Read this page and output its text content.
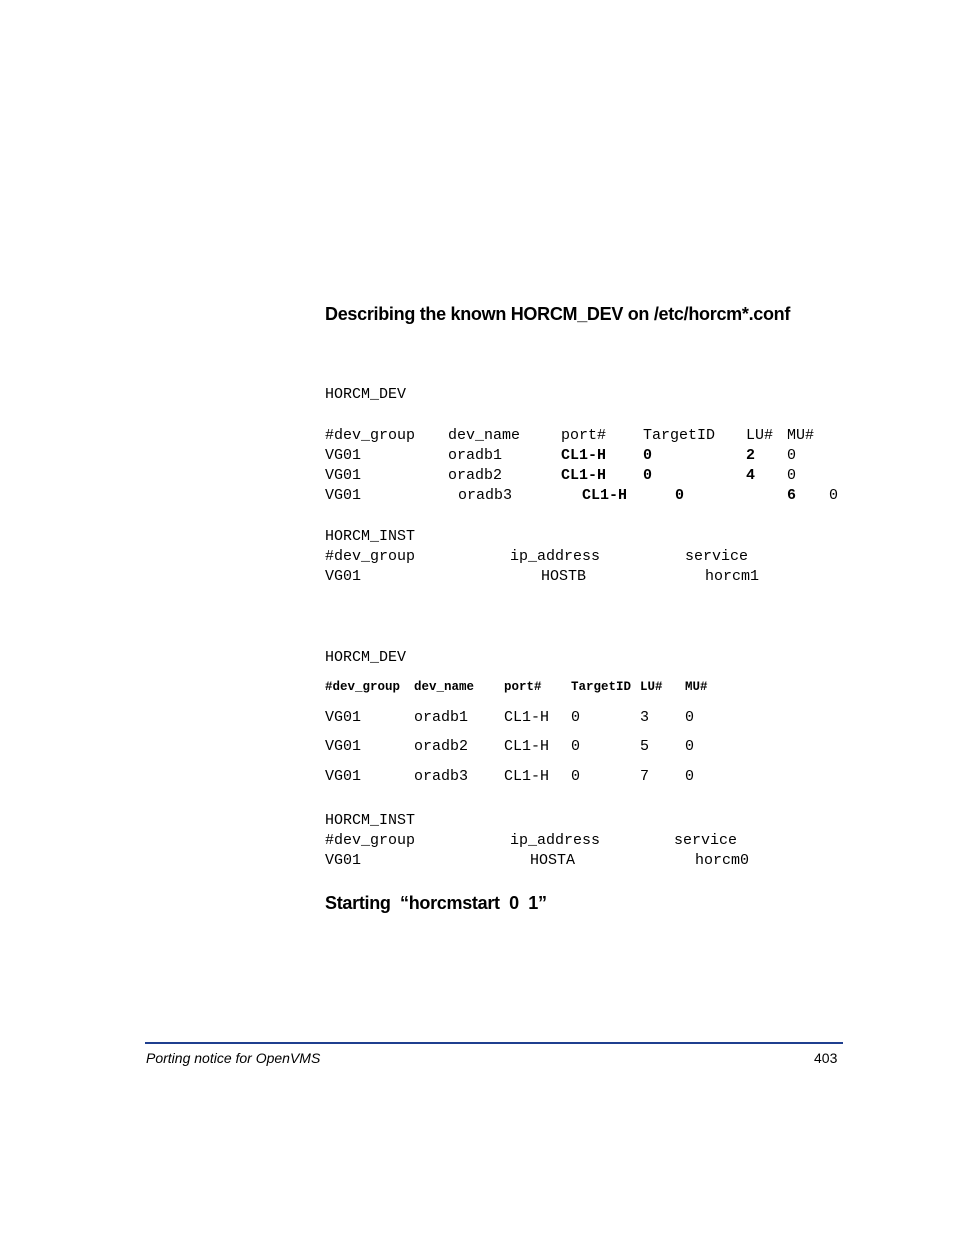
Describing the known HORCM_DEV on /etc/horcm*.conf
HORCM_DEV
#dev_group dev_name	port# TargetID LU# MU#
VG01	oradb1	CL1-H 0	2 0
VG01	oradb2	CL1-H 0	4 0
VG01	oradb3	CL1-H	0	6 0
HORCM_INST
#dev_group	ip_address	service
VG01	HOSTB	horcm1
HORCM_DEV
#dev_group dev_name port# TargetID LU# MU#
VG01	oradb1 CL1-H 0	3 0
VG01	oradb2 CL1-H 0	5 0
VG01	oradb3 CL1-H 0	7 0
HORCM_INST
#dev_group	ip_address	service
VG01	HOSTA	horcm0
Starting  “horcmstart  0  1”
Porting notice for OpenVMS	403
